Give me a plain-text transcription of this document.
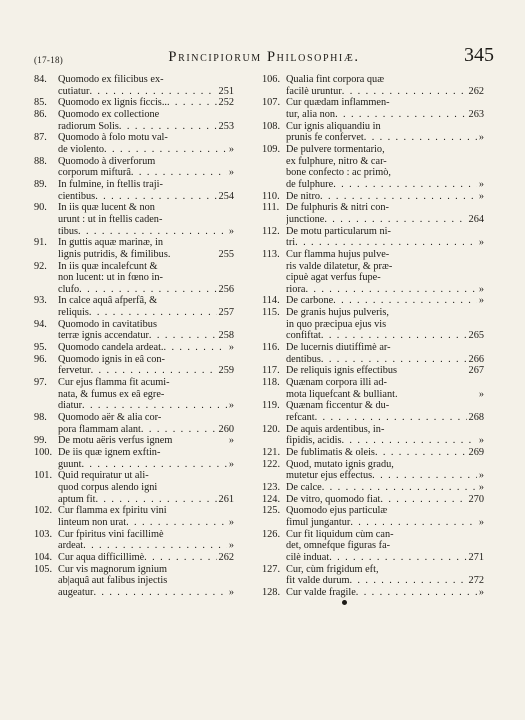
(17-18)	Principiorum Philosophiæ.	345
84. Quomodo ex filicibus ex-
cutiatur . . .	251
85. Quomodo ex lignis ficcis.. . . .	252
86. Quomodo ex collectione
radiorum Solis . . .	253
87. Quomodo à folo motu val-
de violento . . .	»
88. Quomodo à diverforum
corporum mifturâ . . .	»
89. In fulmine, in ftellis traji-
cientibus . . .	254
90. In iis quæ lucent & non
urunt : ut in ftellis caden-
tibus . . .	»
91. In guttis aquæ marinæ, in
lignis putridis, & fimilibus.	255
92. In iis quæ incalefcunt &
non lucent: ut in fœno in-
clufo . . .	256
93. In calce aquâ afperfâ, &
reliquis . . .	257
94. Quomodo in cavitatibus
terræ ignis accendatur . . .	258
95. Quomodo candela ardeat. . . .	»
96. Quomodo ignis in eâ con-
fervetur . . .	259
97. Cur ejus flamma fit acumi-
nata, & fumus ex eâ egre-
diatur . . .	»
98. Quomodo aër & alia cor-
pora flammam alant . . .	260
99. De motu aëris verfus ignem	»
100. De iis quæ ignem exftin-
guunt . . .	»
101. Quid requiratur ut ali-
quod corpus alendo igni
aptum fit . . .	261
102. Cur flamma ex fpiritu vini
linteum non urat . . .	»
103. Cur fpiritus vini facillimè
ardeat . . .	»
104. Cur aqua difficillimè . . .	262
105. Cur vis magnorum ignium
ab|aquâ aut falibus injectis
augeatur . . .	»
106. Qualia fint corpora quæ
facilè uruntur . . .	262
107. Cur quædam inflammen-
tur, alia non . . .	263
108. Cur ignis aliquandiu in
prunis fe confervet . . .	»
109. De pulvere tormentario,
ex fulphure, nitro & car-
bone confecto : ac primò,
de fulphure . . .	»
110. De nitro . . .	»
111. De fulphuris & nitri con-
junctione . . .	264
112. De motu particularum ni-
tri . . .	»
113. Cur flamma hujus pulve-
ris valde dilatetur, & præ-
cipuè agat verfus fupe-
riora . . .	»
114. De carbone . . .	»
115. De granis hujus pulveris,
in quo præcipua ejus vis
confiftat . . .	265
116. De lucernis diutiffimè ar-
dentibus . . .	266
117. De reliquis ignis effectibus	267
118. Quænam corpora illi ad-
mota liquefcant & bulliant.	»
119. Quænam ficcentur & du-
refcant . . .	268
120. De aquis ardentibus, in-
fipidis, acidis . . .	»
121. De fublimatis & oleis . . .	269
122. Quod, mutato ignis gradu,
mutetur ejus effectus . . .	»
123. De calce . . .	»
124. De vitro, quomodo fiat . . .	270
125. Quomodo ejus particulæ
fimul jungantur . . .	»
126. Cur fit liquidum cùm can-
det, omnefque figuras fa-
cilè induat . . .	271
127. Cur, cùm frigidum eft,
fit valde durum . . .	272
128. Cur valde fragile . . .	»
